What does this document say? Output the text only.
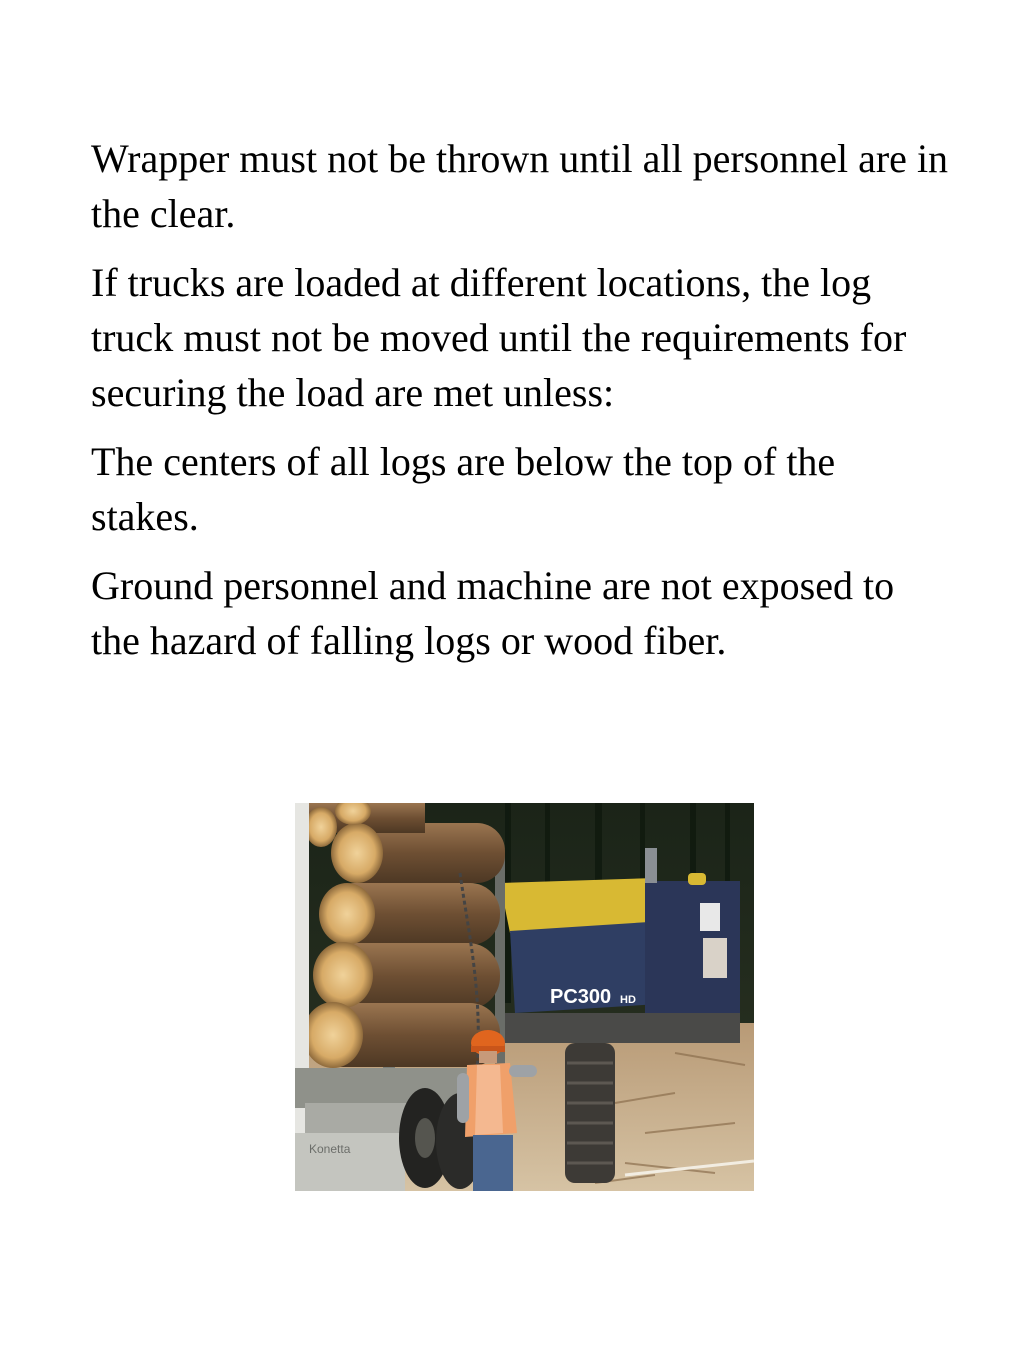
Wrapper must not be thrown until all personnel are in the clear.

If trucks are loaded at different locations, the log truck must not be moved until the requirements for securing the load are met unless:

The centers of all logs are below the top of the stakes.

Ground personnel and machine are not exposed to the hazard of falling logs or wood fiber.

PC300 HD
Konetta
